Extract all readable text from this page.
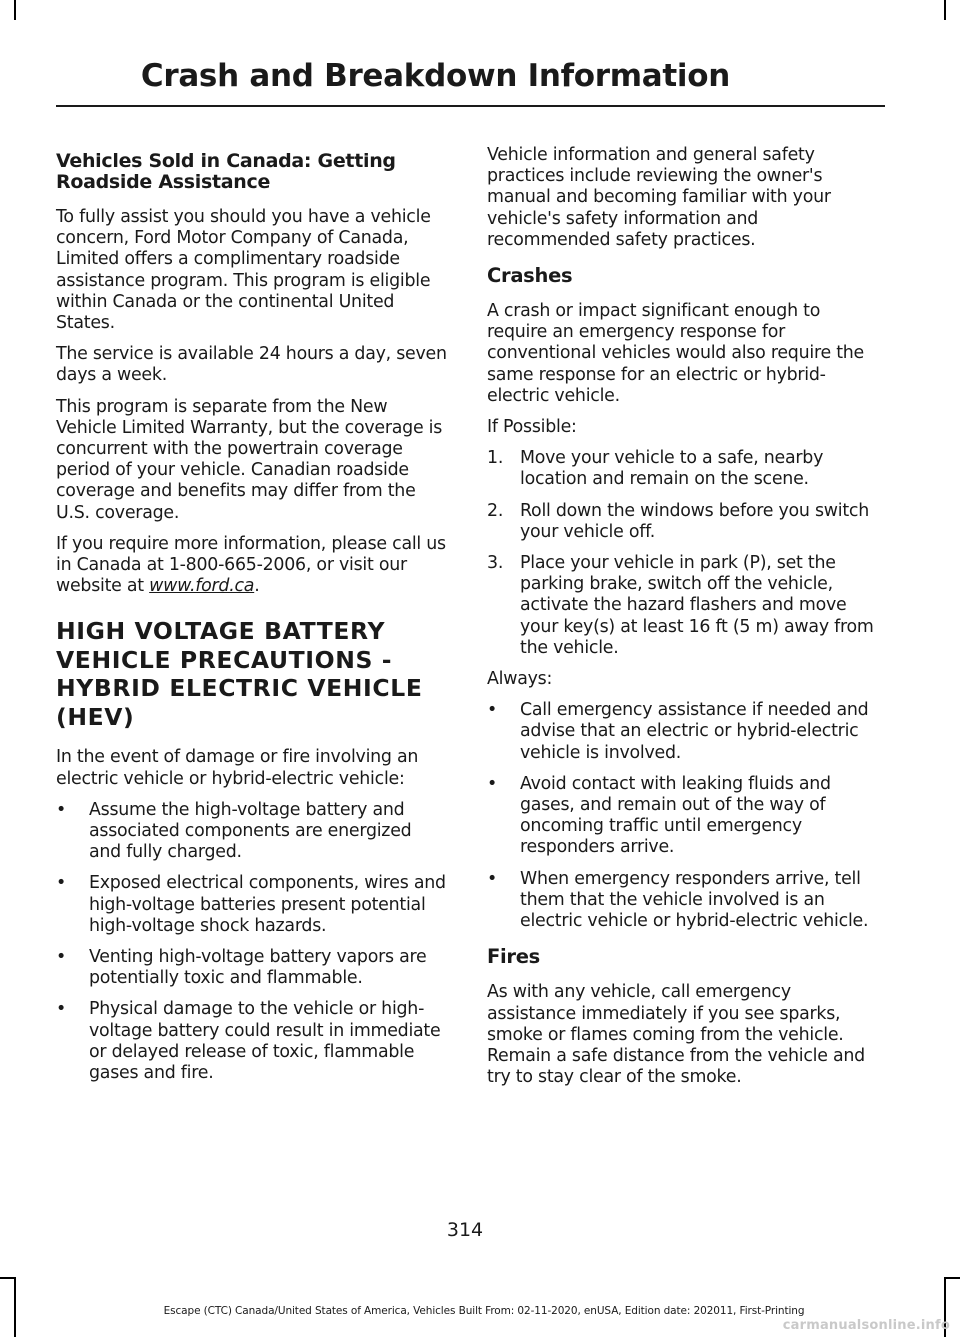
Crash and Breakdown Information
Vehicles Sold in Canada: Getting Roadside Assistance

To fully assist you should you have a vehicle concern, Ford Motor Company of Canada, Limited offers a complimentary roadside assistance program. This program is eligible within Canada or the continental United States.

The service is available 24 hours a day, seven days a week.

This program is separate from the New Vehicle Limited Warranty, but the coverage is concurrent with the powertrain coverage period of your vehicle. Canadian roadside coverage and benefits may differ from the U.S. coverage.

If you require more information, please call us in Canada at 1-800-665-2006, or visit our website at www.ford.ca.

HIGH VOLTAGE BATTERY VEHICLE PRECAUTIONS - HYBRID ELECTRIC VEHICLE (HEV)

In the event of damage or fire involving an electric vehicle or hybrid-electric vehicle:

•	Assume the high-voltage battery and associated components are energized and fully charged.
•	Exposed electrical components, wires and high-voltage batteries present potential high-voltage shock hazards.
•	Venting high-voltage battery vapors are potentially toxic and flammable.
•	Physical damage to the vehicle or high-voltage battery could result in immediate or delayed release of toxic, flammable gases and fire.

Vehicle information and general safety practices include reviewing the owner's manual and becoming familiar with your vehicle's safety information and recommended safety practices.

Crashes

A crash or impact significant enough to require an emergency response for conventional vehicles would also require the same response for an electric or hybrid-electric vehicle.

If Possible:

1. Move your vehicle to a safe, nearby location and remain on the scene.
2. Roll down the windows before you switch your vehicle off.
3. Place your vehicle in park (P), set the parking brake, switch off the vehicle, activate the hazard flashers and move your key(s) at least 16 ft (5 m) away from the vehicle.

Always:

•	Call emergency assistance if needed and advise that an electric or hybrid-electric vehicle is involved.
•	Avoid contact with leaking fluids and gases, and remain out of the way of oncoming traffic until emergency responders arrive.
•	When emergency responders arrive, tell them that the vehicle involved is an electric vehicle or hybrid-electric vehicle.
Fires

As with any vehicle, call emergency assistance immediately if you see sparks, smoke or flames coming from the vehicle. Remain a safe distance from the vehicle and try to stay clear of the smoke.

314
Escape (CTC) Canada/United States of America, Vehicles Built From: 02-11-2020, enUSA, Edition date: 202011, First-Printing
carmanualsonline.info
